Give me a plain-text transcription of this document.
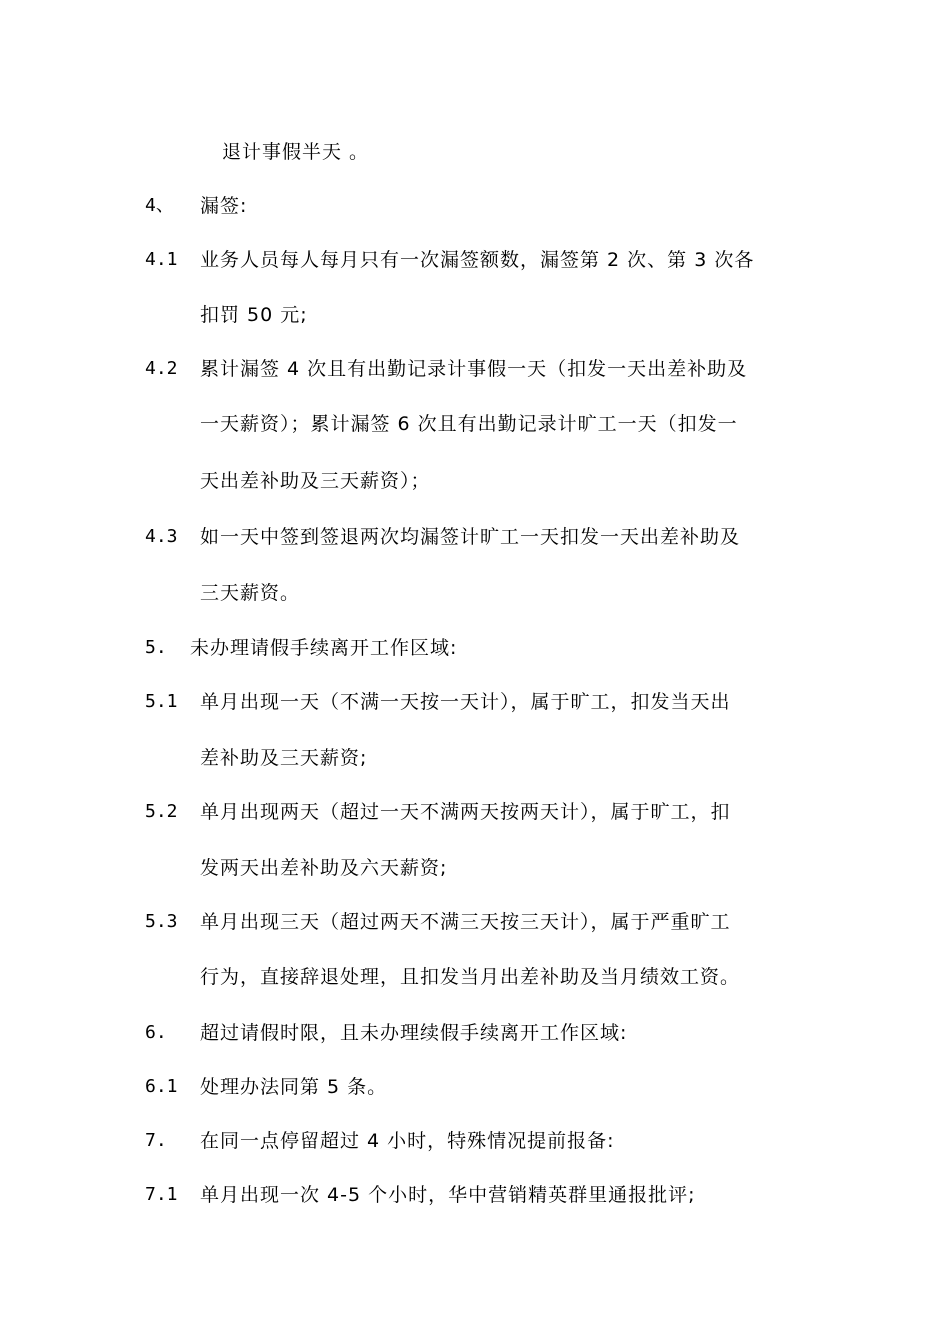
退计事假半天 。
4、 漏签:
4.1 业务人员每人每月只有一次漏签额数，漏签第 2 次、第 3 次各
扣罚 50 元;
4.2 累计漏签 4 次且有出勤记录计事假一天（扣发一天出差补助及
一天薪资）；累计漏签 6 次且有出勤记录计旷工一天（扣发一
天出差补助及三天薪资）；
4.3 如一天中签到签退两次均漏签计旷工一天扣发一天出差补助及
三天薪资。
5. 未办理请假手续离开工作区域:
5.1 单月出现一天（不满一天按一天计），属于旷工，扣发当天出
差补助及三天薪资;
5.2 单月出现两天（超过一天不满两天按两天计），属于旷工，扣
发两天出差补助及六天薪资;
5.3 单月出现三天（超过两天不满三天按三天计），属于严重旷工
行为，直接辞退处理，且扣发当月出差补助及当月绩效工资。
6. 超过请假时限，且未办理续假手续离开工作区域:
6.1 处理办法同第 5 条。
7. 在同一点停留超过 4 小时，特殊情况提前报备:
7.1 单月出现一次 4-5 个小时，华中营销精英群里通报批评;
